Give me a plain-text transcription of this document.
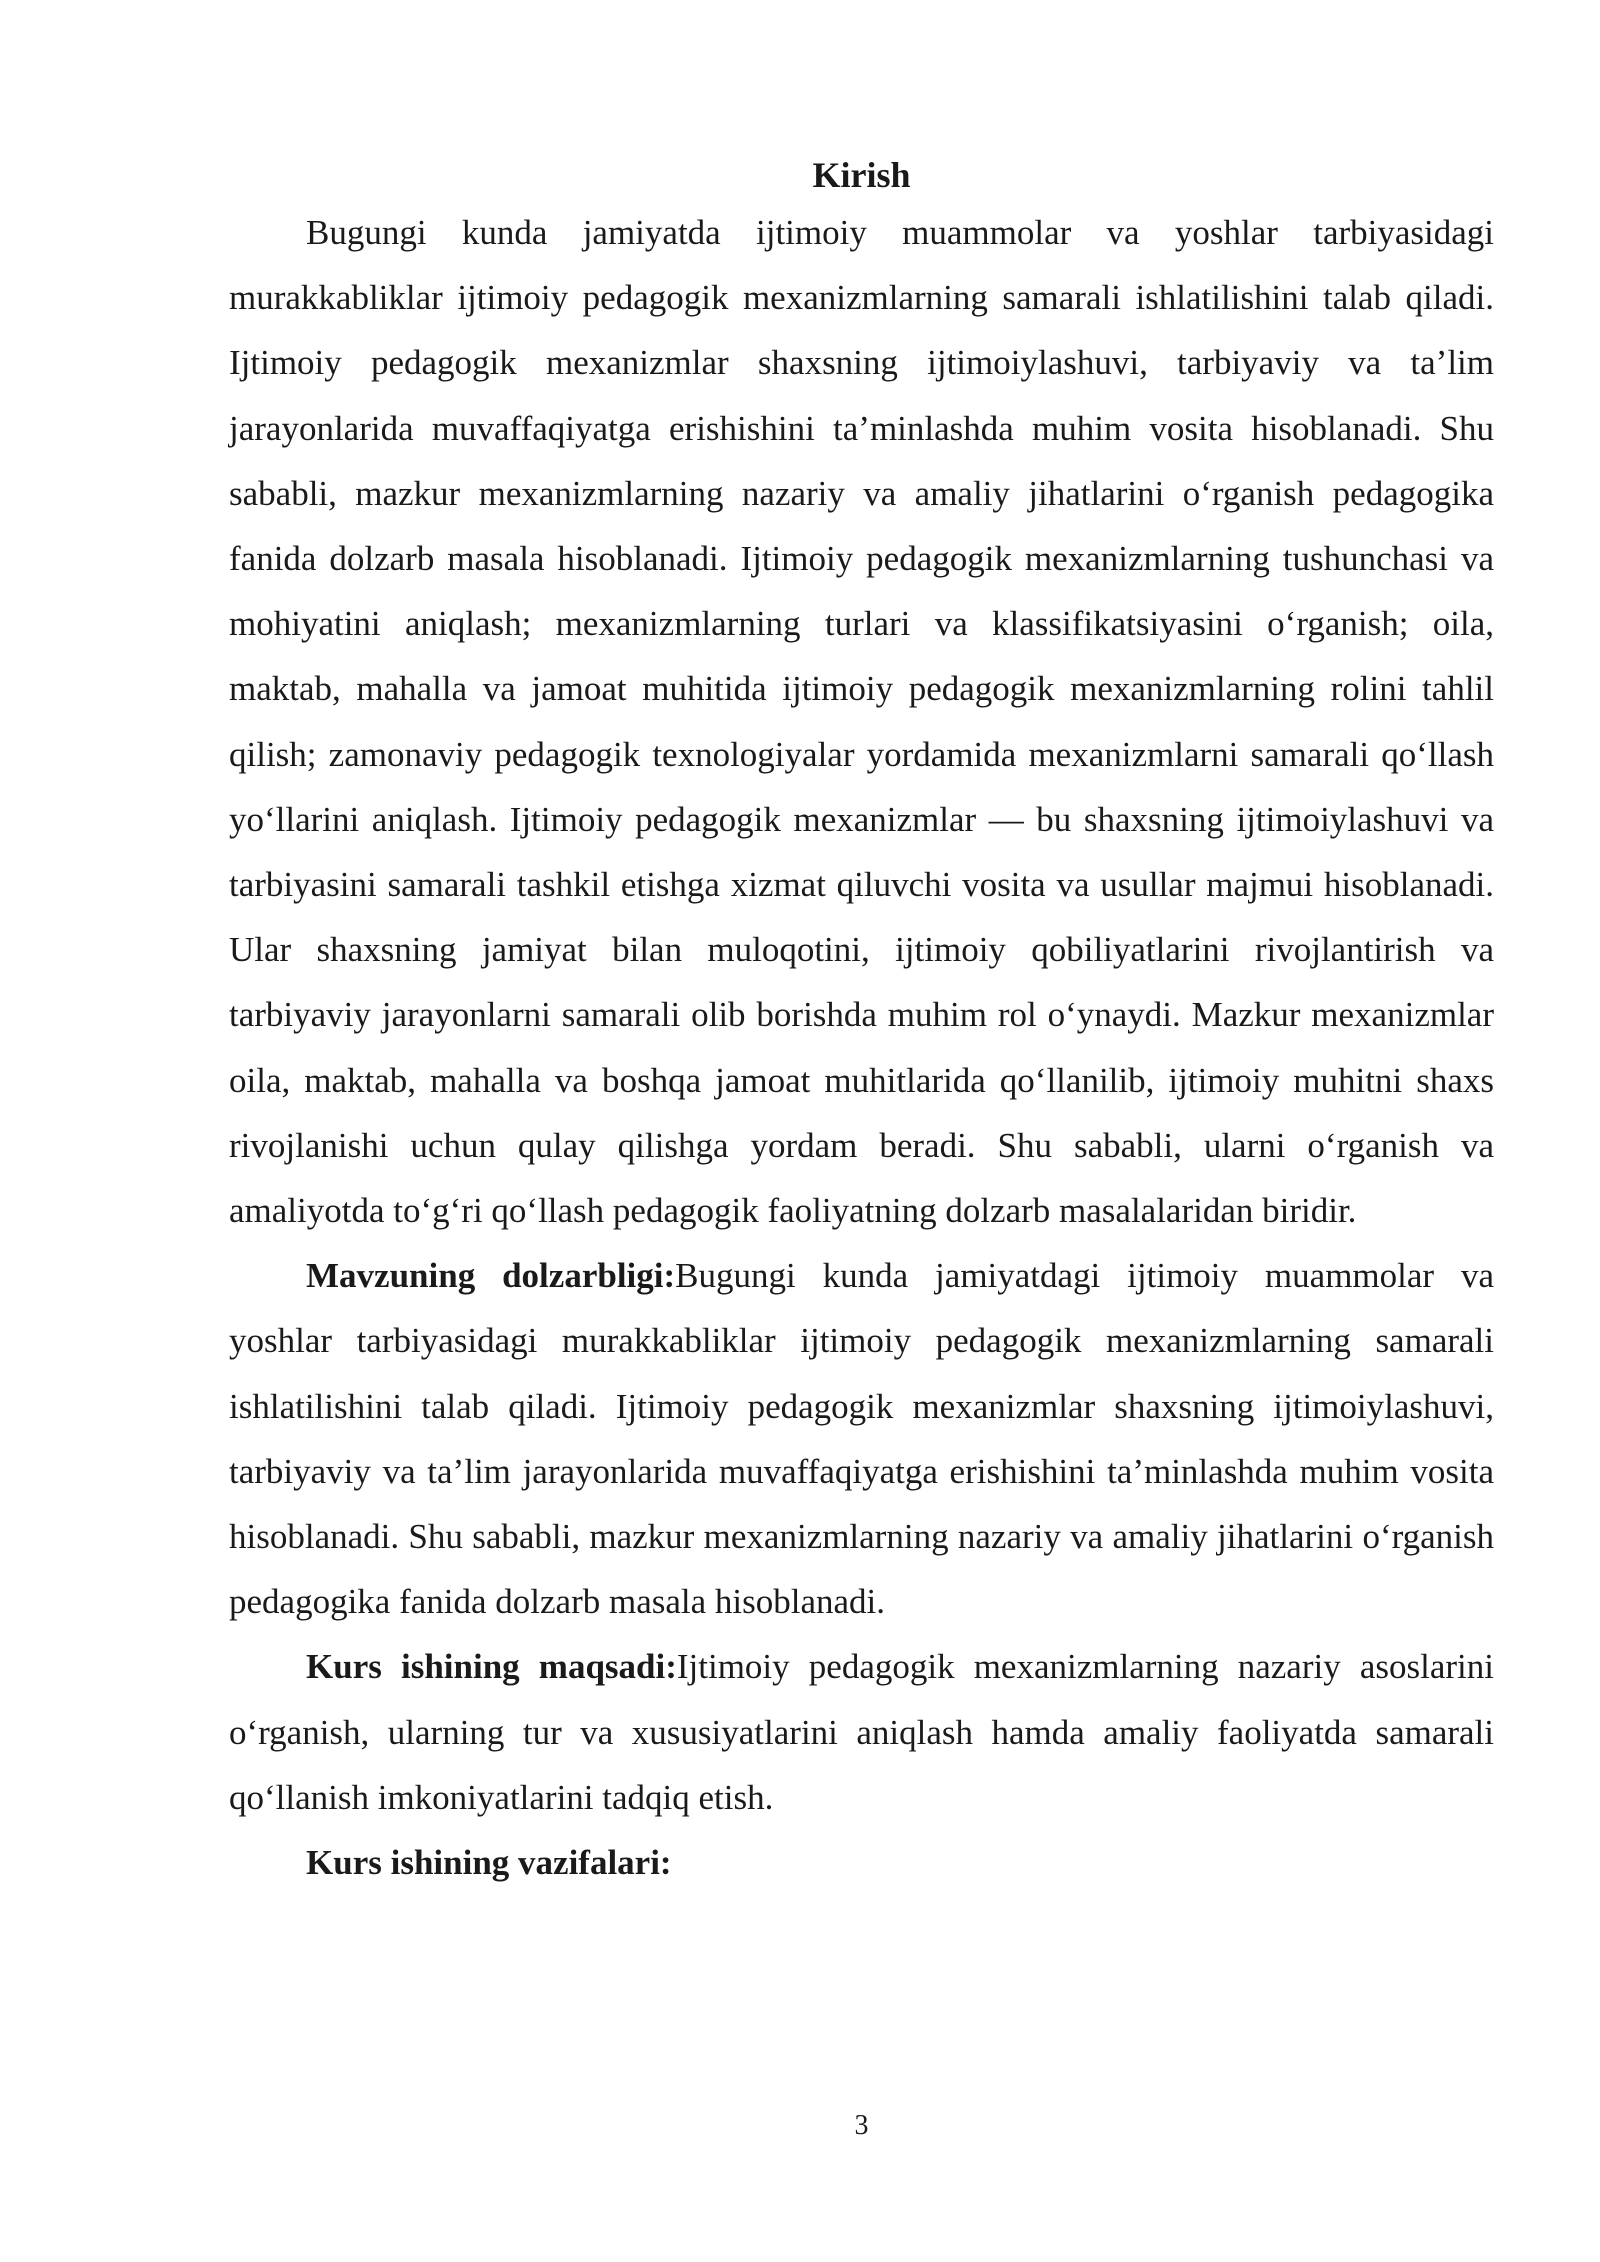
Kirish

Bugungi kunda jamiyatda ijtimoiy muammolar va yoshlar tarbiyasidagi murakkabliklar ijtimoiy pedagogik mexanizmlarning samarali ishlatilishini talab qiladi. Ijtimoiy pedagogik mexanizmlar shaxsning ijtimoiylashuvi, tarbiyaviy va ta’lim jarayonlarida muvaffaqiyatga erishishini ta’minlashda muhim vosita hisoblanadi. Shu sababli, mazkur mexanizmlarning nazariy va amaliy jihatlarini o‘rganish pedagogika fanida dolzarb masala hisoblanadi. Ijtimoiy pedagogik mexanizmlarning tushunchasi va mohiyatini aniqlash; mexanizmlarning turlari va klassifikatsiyasini o‘rganish; oila, maktab, mahalla va jamoat muhitida ijtimoiy pedagogik mexanizmlarning rolini tahlil qilish; zamonaviy pedagogik texnologiyalar yordamida mexanizmlarni samarali qo‘llash yo‘llarini aniqlash. Ijtimoiy pedagogik mexanizmlar — bu shaxsning ijtimoiylashuvi va tarbiyasini samarali tashkil etishga xizmat qiluvchi vosita va usullar majmui hisoblanadi. Ular shaxsning jamiyat bilan muloqotini, ijtimoiy qobiliyatlarini rivojlantirish va tarbiyaviy jarayonlarni samarali olib borishda muhim rol o‘ynaydi. Mazkur mexanizmlar oila, maktab, mahalla va boshqa jamoat muhitlarida qo‘llanilib, ijtimoiy muhitni shaxs rivojlanishi uchun qulay qilishga yordam beradi. Shu sababli, ularni o‘rganish va amaliyotda to‘g‘ri qo‘llash pedagogik faoliyatning dolzarb masalalaridan biridir.

Mavzuning dolzarbligi:Bugungi kunda jamiyatdagi ijtimoiy muammolar va yoshlar tarbiyasidagi murakkabliklar ijtimoiy pedagogik mexanizmlarning samarali ishlatilishini talab qiladi. Ijtimoiy pedagogik mexanizmlar shaxsning ijtimoiylashuvi, tarbiyaviy va ta’lim jarayonlarida muvaffaqiyatga erishishini ta’minlashda muhim vosita hisoblanadi. Shu sababli, mazkur mexanizmlarning nazariy va amaliy jihatlarini o‘rganish pedagogika fanida dolzarb masala hisoblanadi.

Kurs ishining maqsadi:Ijtimoiy pedagogik mexanizmlarning nazariy asoslarini o‘rganish, ularning tur va xususiyatlarini aniqlash hamda amaliy faoliyatda samarali qo‘llanish imkoniyatlarini tadqiq etish.

Kurs ishining vazifalari:

3
